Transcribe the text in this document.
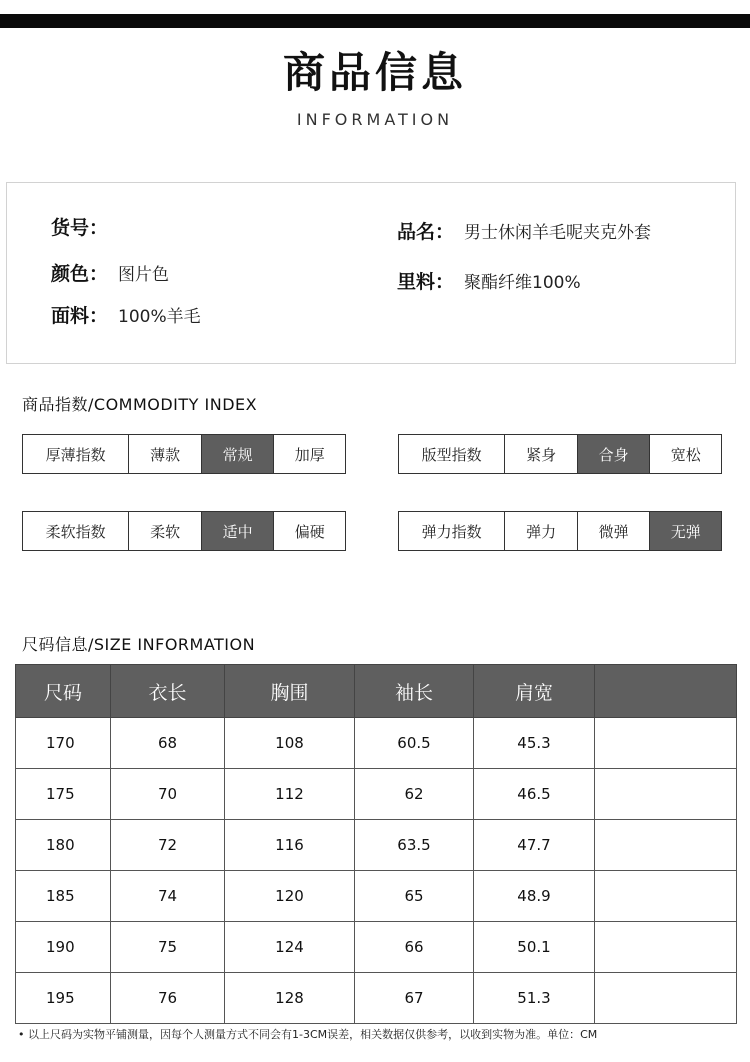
商品信息
INFORMATION
货号：
颜色： 图片色
面料： 100%羊毛
品名： 男士休闲羊毛呢夹克外套
里料： 聚酯纤维100%
商品指数/COMMODITY INDEX
厚薄指数	薄款	常规	加厚	版型指数	紧身	合身	宽松
柔软指数	柔软	适中	偏硬	弹力指数	弹力	微弹	无弹
尺码信息/SIZE INFORMATION
尺码	衣长	胸围	袖长	肩宽	
170	68	108	60.5	45.3	
175	70	112	62	46.5	
180	72	116	63.5	47.7	
185	74	120	65	48.9	
190	75	124	66	50.1	
195	76	128	67	51.3	
• 以上尺码为实物平铺测量，因每个人测量方式不同会有1-3CM误差，相关数据仅供参考，以收到实物为准。单位：CM
